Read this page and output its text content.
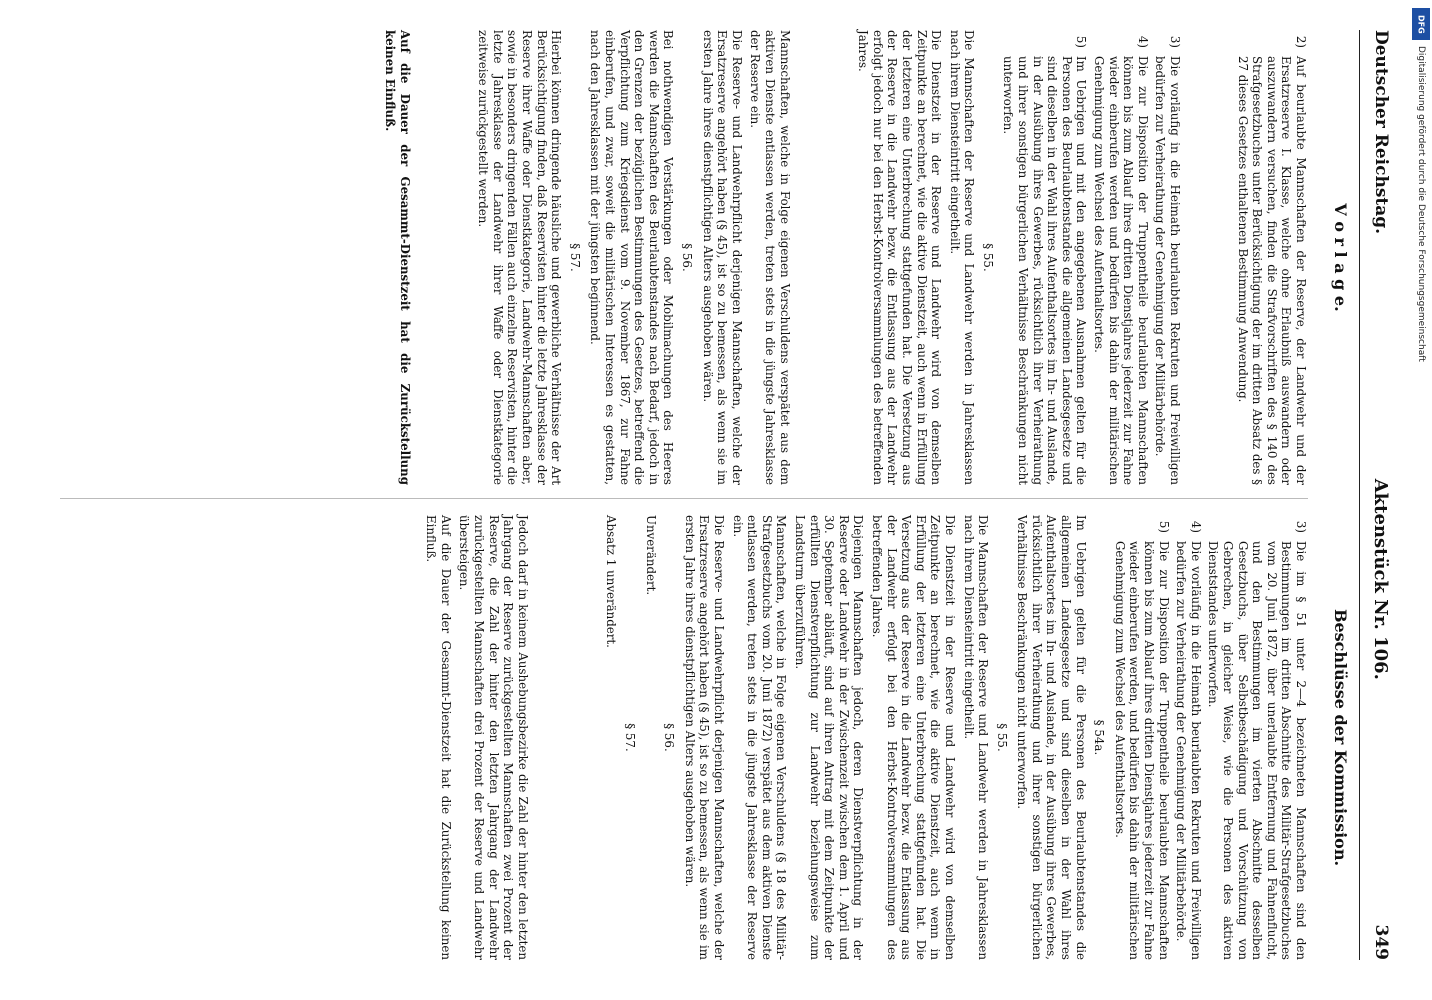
Deutscher Reichstag.
Aktenstück Nr. 106.
349
V o r l a g e.
2)
Auf beurlaubte Mannschaften der Reserve, der Landwehr und der Ersatzreserve I. Klasse, welche ohne Erlaubniß auswandern oder auszuwandern versuchen, finden die Strafvorschriften des § 140 des Strafgesetzbuches unter Berücksichtigung der im dritten Absatz des § 27 dieses Gesetzes enthaltenen Bestimmung Anwendung.
3)
Die vorläufig in die Heimath beurlaubten Rekruten und Freiwilligen bedürfen zur Verheirathung der Genehmigung der Militärbehörde.
4)
Die zur Disposition der Truppentheile beurlaubten Mannschaften können bis zum Ablauf ihres dritten Dienstjahres jederzeit zur Fahne wieder einberufen werden und bedürfen bis dahin der militärischen Genehmigung zum Wechsel des Aufenthaltsortes.
5)
Im Uebrigen und mit den angegebenen Ausnahmen gelten für die Personen des Beurlaubtenstandes die allgemeinen Landesgesetze und sind dieselben in der Wahl ihres Aufenthaltsortes im In- und Auslande, in der Ausübung ihres Gewerbes, rücksichtlich ihrer Verheirathung und ihrer sonstigen bürgerlichen Verhältnisse Beschränkungen nicht unterworfen.
§ 55.

Die Mannschaften der Reserve und Landwehr werden in Jahresklassen nach ihrem Diensteintritt eingetheilt.

Die Dienstzeit in der Reserve und Landwehr wird von demselben Zeitpunkte an berechnet, wie die aktive Dienstzeit, auch wenn in Erfüllung der letzteren eine Unterbrechung stattgefunden hat. Die Versetzung aus der Reserve in die Landwehr bezw. die Entlassung aus der Landwehr erfolgt jedoch nur bei den Herbst-Kontrolversammlungen des betreffenden Jahres.

Mannschaften, welche in Folge eigenen Verschuldens verspätet aus dem aktiven Dienste entlassen werden, treten stets in die jüngste Jahresklasse der Reserve ein.

Die Reserve- und Landwehrpflicht derjenigen Mannschaften, welche der Ersatzreserve angehört haben (§ 45), ist so zu bemessen, als wenn sie im ersten Jahre ihres dienstpflichtigen Alters ausgehoben wären.

§ 56.

Bei nothwendigen Verstärkungen oder Mobilmachungen des Heeres werden die Mannschaften des Beurlaubtenstandes nach Bedarf, jedoch in den Grenzen der bezüglichen Bestimmungen des Gesetzes, betreffend die Verpflichtung zum Kriegsdienst vom 9. November 1867, zur Fahne einberufen, und zwar, soweit die militärischen Interessen es gestatten, nach den Jahresklassen mit der jüngsten beginnend.

§ 57.

Hierbei können dringende häusliche und gewerbliche Verhältnisse der Art Berücksichtigung finden, daß Reservisten hinter die letzte Jahresklasse der Reserve ihrer Waffe oder Dienstkategorie, Landwehr-Mannschaften aber, sowie in besonders dringenden Fällen auch einzelne Reservisten, hinter die letzte Jahresklasse der Landwehr ihrer Waffe oder Dienstkategorie zeitweise zurückgestellt werden.

Auf die Dauer der Gesammt-Dienstzeit hat die Zurückstellung keinen Einfluß.

Beschlüsse der Kommission.
3)
Die im § 51 unter 2—4 bezeichneten Mannschaften sind den Bestimmungen im dritten Abschnitte des Militär-Strafgesetzbuches vom 20. Juni 1872, über unerlaubte Entfernung und Fahnenflucht, und den Bestimmungen im vierten Abschnitte desselben Gesetzbuchs, über Selbstbeschädigung und Vorschützung von Gebrechen, in gleicher Weise, wie die Personen des aktiven Dienststandes unterworfen.
4)
Die vorläufig in die Heimath beurlaubten Rekruten und Freiwilligen bedürfen zur Verheirathung der Genehmigung der Militärbehörde.
5)
Die zur Disposition der Truppentheile beurlaubten Mannschaften können bis zum Ablauf ihres dritten Dienstjahres jederzeit zur Fahne wieder einberufen werden, und bedürfen bis dahin der militärischen Genehmigung zum Wechsel des Aufenthaltsortes.
§ 54a.

Im Uebrigen gelten für die Personen des Beurlaubtenstandes die allgemeinen Landesgesetze und sind dieselben in der Wahl ihres Aufenthaltsortes im In- und Auslande, in der Ausübung ihres Gewerbes, rücksichtlich ihrer Verheirathung und ihrer sonstigen bürgerlichen Verhältnisse Beschränkungen nicht unterworfen.

§ 55.

Die Mannschaften der Reserve und Landwehr werden in Jahresklassen nach ihrem Diensteintritt eingetheilt.

Die Dienstzeit in der Reserve und Landwehr wird von demselben Zeitpunkte an berechnet, wie die aktive Dienstzeit, auch wenn in Erfüllung der letzteren eine Unterbrechung stattgefunden hat. Die Versetzung aus der Reserve in die Landwehr bezw. die Entlassung aus der Landwehr erfolgt bei den Herbst-Kontrolversammlungen des betreffenden Jahres.

Diejenigen Mannschaften jedoch, deren Dienstverpflichtung in der Reserve oder Landwehr in der Zwischenzeit zwischen dem 1. April und 30. September abläuft, sind auf ihren Antrag mit dem Zeitpunkte der erfüllten Dienstverpflichtung zur Landwehr beziehungsweise zum Landsturm überzuführen.

Mannschaften, welche in Folge eigenen Verschuldens (§ 18 des Militär-Strafgesetzbuchs vom 20. Juni 1872) verspätet aus dem aktiven Dienste entlassen werden, treten stets in die jüngste Jahresklasse der Reserve ein.

Die Reserve- und Landwehrpflicht derjenigen Mannschaften, welche der Ersatzreserve angehört haben (§ 45), ist so zu bemessen, als wenn sie im ersten Jahre ihres dienstpflichtigen Alters ausgehoben wären.

§ 56.

Unverändert.

§ 57.

Absatz 1 unverändert.

Jedoch darf in keinem Aushebungsbezirke die Zahl der hinter den letzten Jahrgang der Reserve zurückgestellten Mannschaften zwei Prozent der Reserve, die Zahl der hinter den letzten Jahrgang der Landwehr zurückgestellten Mannschaften drei Prozent der Reserve und Landwehr übersteigen.

Auf die Dauer der Gesammt-Dienstzeit hat die Zurückstellung keinen Einfluß.

DFG
Digitalisierung gefördert durch die Deutsche Forschungsgemeinschaft
